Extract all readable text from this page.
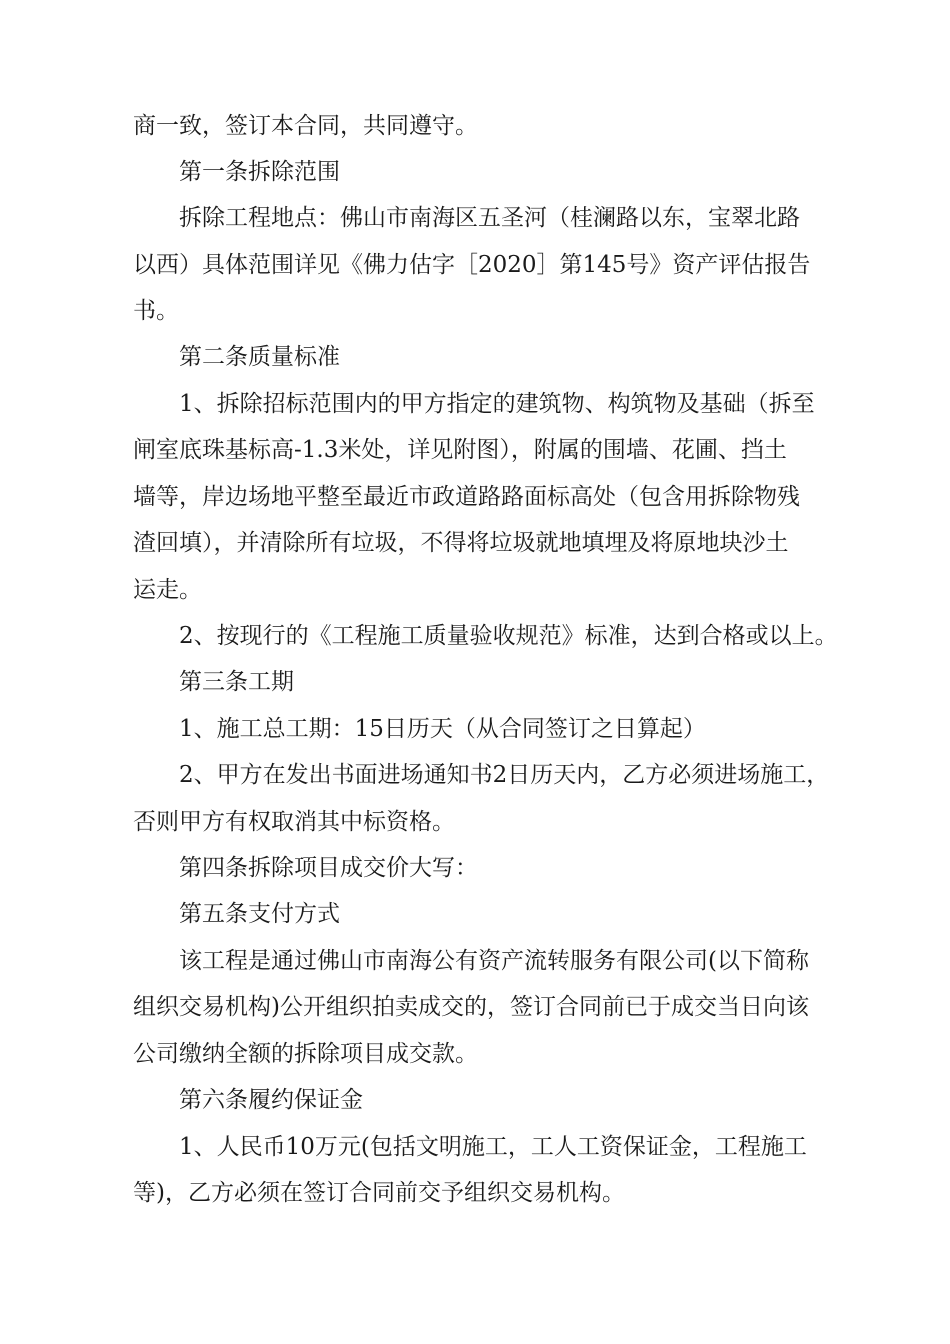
商一致，签订本合同，共同遵守。
第一条拆除范围
拆除工程地点：佛山市南海区五圣河（桂澜路以东，宝翠北路
以西）具体范围详见《佛力估字［2020］第145号》资产评估报告
书。
第二条质量标准
1、拆除招标范围内的甲方指定的建筑物、构筑物及基础（拆至
闸室底珠基标高-1.3米处，详见附图），附属的围墙、花圃、挡土
墙等，岸边场地平整至最近市政道路路面标高处（包含用拆除物残
渣回填），并清除所有垃圾，不得将垃圾就地填埋及将原地块沙土
运走。
2、按现行的《工程施工质量验收规范》标准，达到合格或以上。
第三条工期
1、施工总工期：15日历天（从合同签订之日算起）
2、甲方在发出书面进场通知书2日历天内，乙方必须进场施工，
否则甲方有权取消其中标资格。
第四条拆除项目成交价大写：
第五条支付方式
该工程是通过佛山市南海公有资产流转服务有限公司(以下简称
组织交易机构)公开组织拍卖成交的，签订合同前已于成交当日向该
公司缴纳全额的拆除项目成交款。
第六条履约保证金
1、人民币10万元(包括文明施工，工人工资保证金，工程施工
等)，乙方必须在签订合同前交予组织交易机构。
